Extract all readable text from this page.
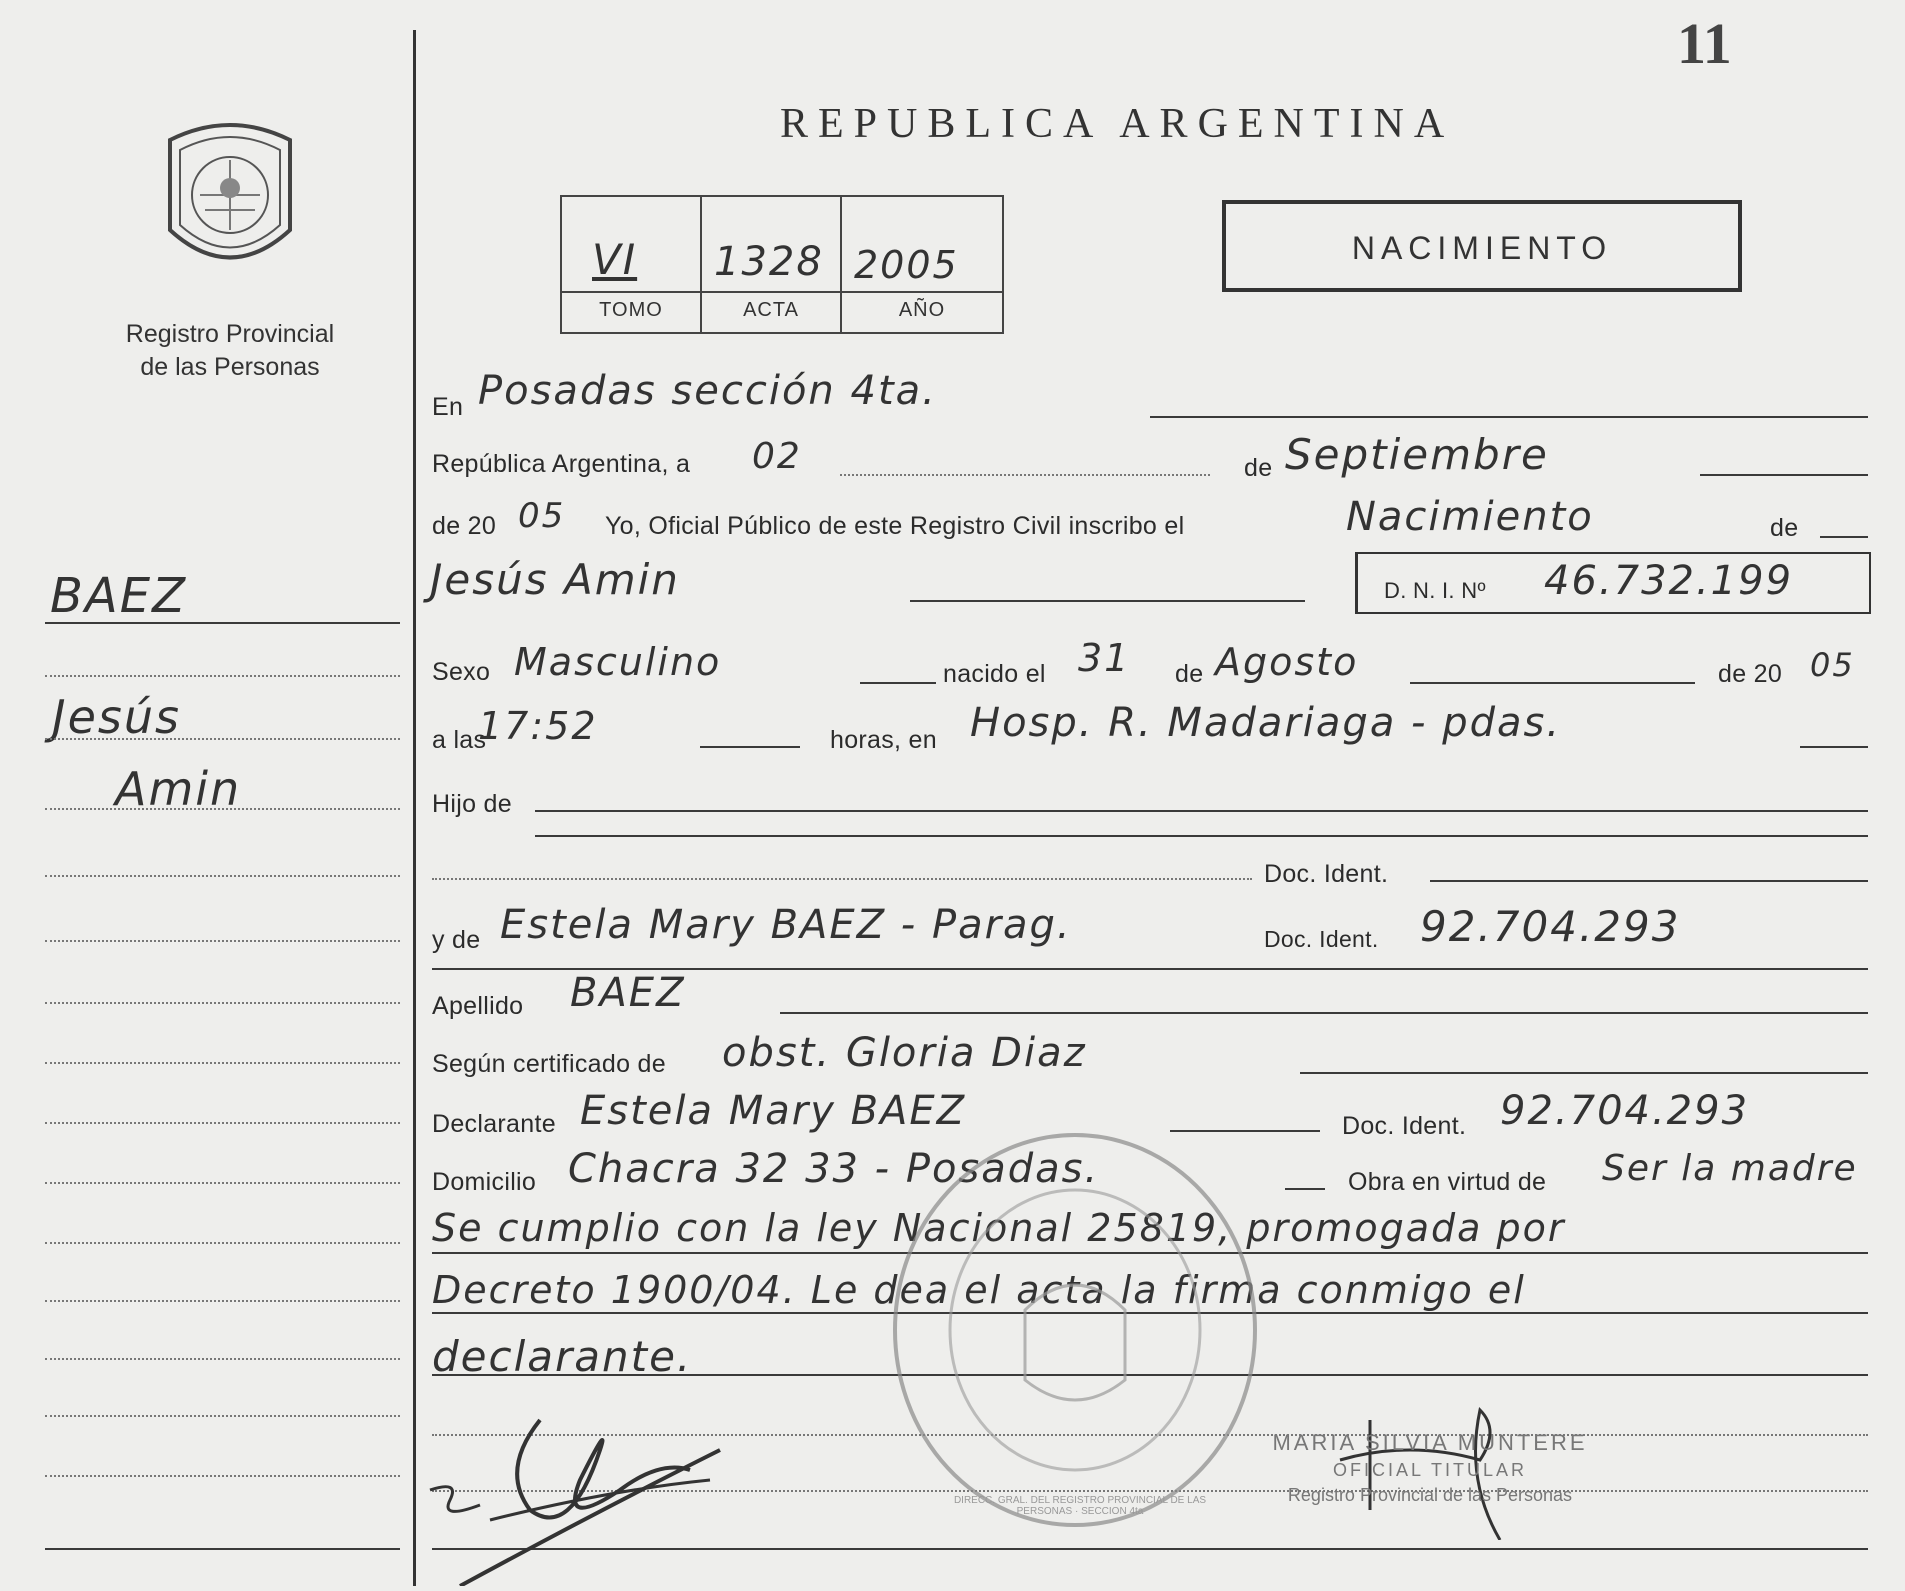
11
Registro Provincial
de las Personas
BAEZ
Jesús
Amin
REPUBLICA ARGENTINA
VI 1328 2005
TOMO	ACTA	AÑO
NACIMIENTO
En Posadas sección 4ta.
República Argentina, a 02	de Septiembre
de 20 05 Yo, Oficial Público de este Registro Civil inscribo el	Nacimiento	de
Jesús Amin	D. N. I. Nº 46.732.199
Sexo Masculino	nacido el 31 de Agosto	de 20 05
a las
17:52	horas, en Hosp. R. Madariaga - pdas.
Hijo de
Doc. Ident.
y de Estela Mary BAEZ - Parag.	Doc. Ident. 92.704.293
Apellido BAEZ
Según certificado de obst. Gloria Diaz
Declarante Estela Mary BAEZ	Doc. Ident. 92.704.293
Domicilio Chacra 32 33 - Posadas.	Obra en virtud de Ser la madre
Se cumplio con la ley Nacional 25819, promogada por
Decreto 1900/04. Le dea el acta la firma conmigo el
declarante.
DIRECC. GRAL. DEL REGISTRO PROVINCIAL DE LAS PERSONAS · SECCION 4ta
MARIA SILVIA MUNTERE
OFICIAL TITULAR
Registro Provincial de las Personas
